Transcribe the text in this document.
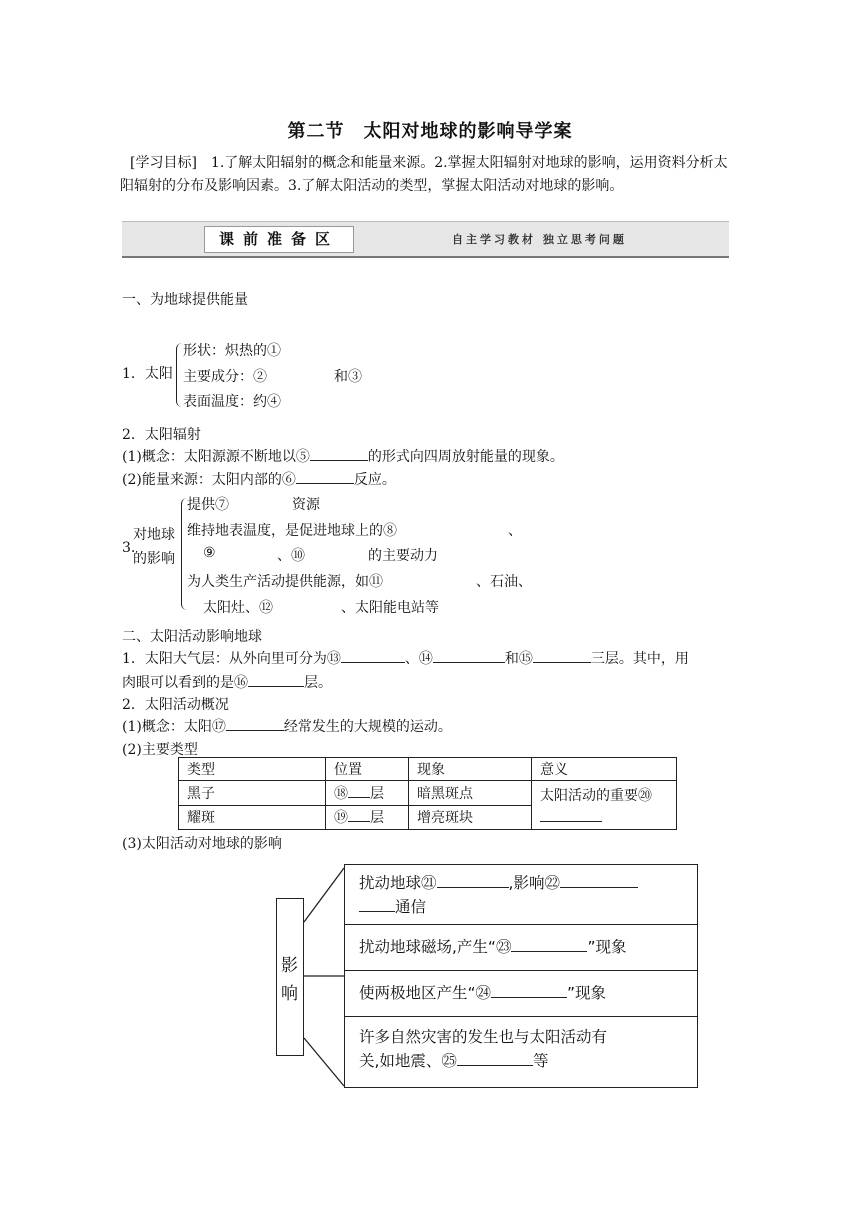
第二节　太阳对地球的影响导学案
[学习目标]　1.了解太阳辐射的概念和能量来源。2.掌握太阳辐射对地球的影响，运用资料分析太阳辐射的分布及影响因素。3.了解太阳活动的类型，掌握太阳活动对地球的影响。
课前准备区	自主学习教材 独立思考问题
一、为地球提供能量
1．太阳
形状：炽热的①
主要成分：②	和③
表面温度：约④
2．太阳辐射
(1)概念：太阳源源不断地以⑤	的形式向四周放射能量的现象。
(2)能量来源：太阳内部的⑥	反应。
3.
对地球
的影响
提供⑦	资源
维持地表温度，是促进地球上的⑧	、
⑨	、⑩	的主要动力
为人类生产活动提供能源，如⑪	、石油、
太阳灶、⑫	、太阳能电站等
二、太阳活动影响地球
1．太阳大气层：从外向里可分为⑬	、⑭	和⑮	三层。其中，用
肉眼可以看到的是⑯	层。
2．太阳活动概况
(1)概念：太阳⑰	经常发生的大规模的运动。
(2)主要类型
类型	位置	现象	意义
黑子	⑱ 层	暗黑斑点	太阳活动的重要⑳

耀斑	⑲ 层	增亮斑块	
(3)太阳活动对地球的影响
影
响
扰动地球㉑	,影响㉒
通信
扰动地球磁场,产生“㉓	”现象
使两极地区产生“㉔	”现象
许多自然灾害的发生也与太阳活动有
关,如地震、㉕	等
